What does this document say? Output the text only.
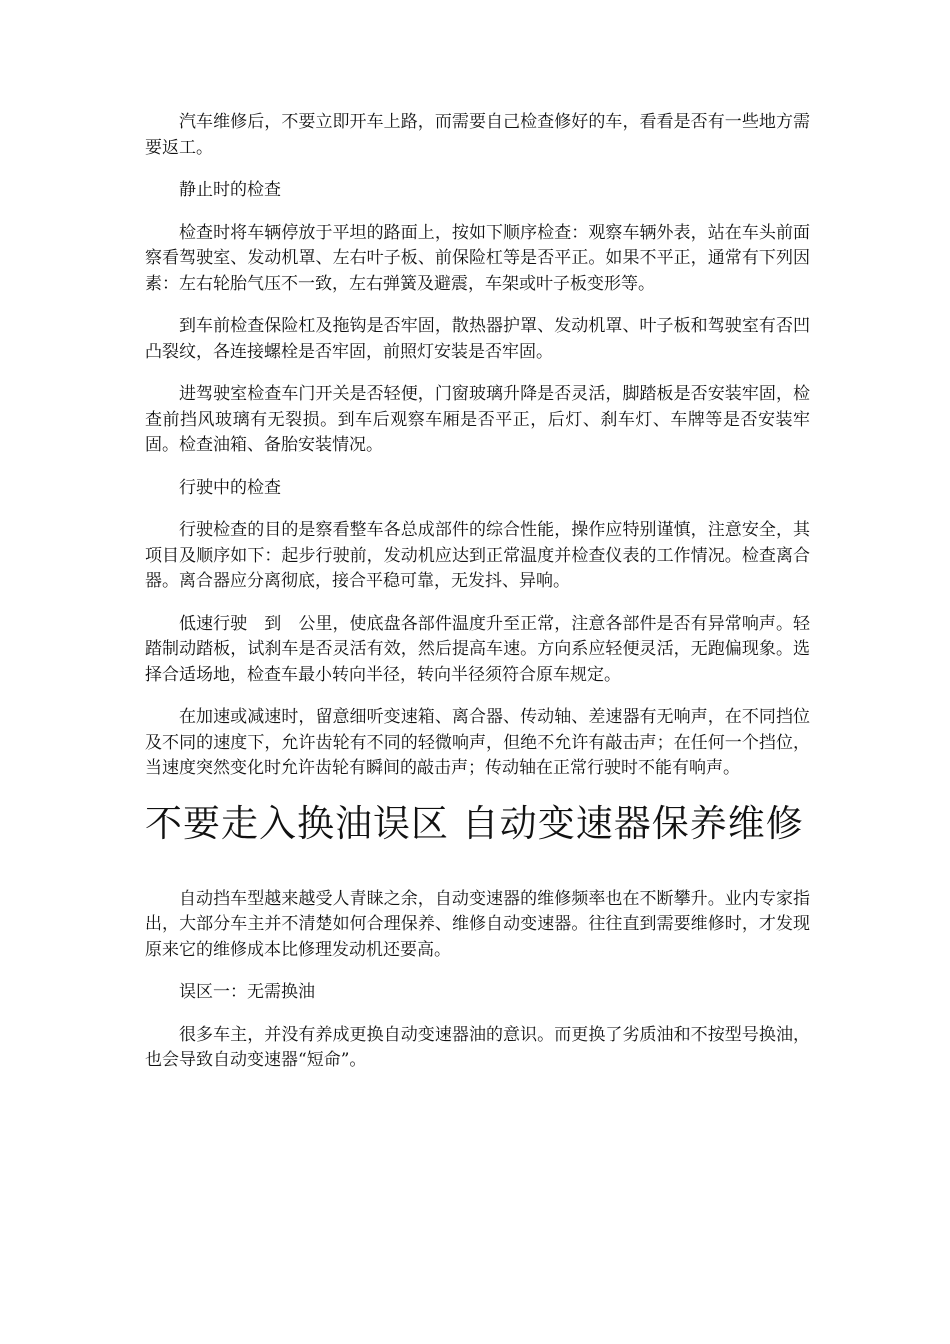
汽车维修后，不要立即开车上路，而需要自己检查修好的车，看看是否有一些地方需要返工。

静止时的检查

检查时将车辆停放于平坦的路面上，按如下顺序检查：观察车辆外表，站在车头前面察看驾驶室、发动机罩、左右叶子板、前保险杠等是否平正。如果不平正，通常有下列因素：左右轮胎气压不一致，左右弹簧及避震，车架或叶子板变形等。

到车前检查保险杠及拖钩是否牢固，散热器护罩、发动机罩、叶子板和驾驶室有否凹凸裂纹，各连接螺栓是否牢固，前照灯安装是否牢固。

进驾驶室检查车门开关是否轻便，门窗玻璃升降是否灵活，脚踏板是否安装牢固，检查前挡风玻璃有无裂损。到车后观察车厢是否平正，后灯、刹车灯、车牌等是否安装牢固。检查油箱、备胎安装情况。

行驶中的检查

行驶检查的目的是察看整车各总成部件的综合性能，操作应特别谨慎，注意安全，其项目及顺序如下：起步行驶前，发动机应达到正常温度并检查仪表的工作情况。检查离合器。离合器应分离彻底，接合平稳可靠，无发抖、异响。

低速行驶　到　公里，使底盘各部件温度升至正常，注意各部件是否有异常响声。轻踏制动踏板，试刹车是否灵活有效，然后提高车速。方向系应轻便灵活，无跑偏现象。选择合适场地，检查车最小转向半径，转向半径须符合原车规定。

在加速或减速时，留意细听变速箱、离合器、传动轴、差速器有无响声，在不同挡位及不同的速度下，允许齿轮有不同的轻微响声，但绝不允许有敲击声；在任何一个挡位，当速度突然变化时允许齿轮有瞬间的敲击声；传动轴在正常行驶时不能有响声。

不要走入换油误区 自动变速器保养维修

自动挡车型越来越受人青睐之余，自动变速器的维修频率也在不断攀升。业内专家指出，大部分车主并不清楚如何合理保养、维修自动变速器。往往直到需要维修时，才发现原来它的维修成本比修理发动机还要高。

误区一：无需换油

很多车主，并没有养成更换自动变速器油的意识。而更换了劣质油和不按型号换油，也会导致自动变速器“短命”。
